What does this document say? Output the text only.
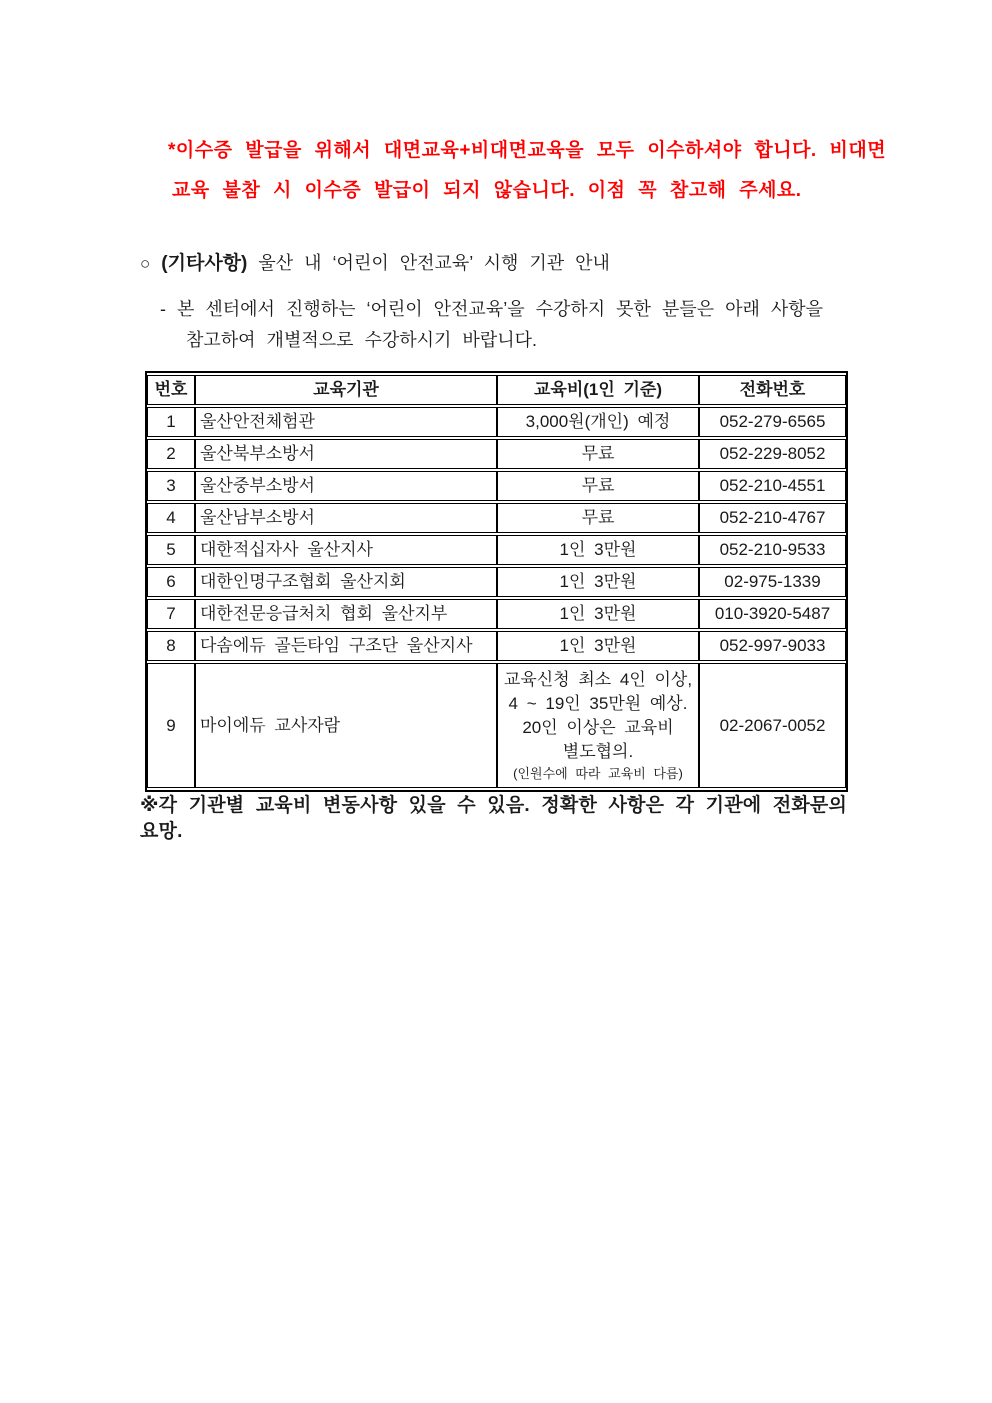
*이수증 발급을 위해서 대면교육+비대면교육을 모두 이수하셔야 합니다. 비대면
교육 불참 시 이수증 발급이 되지 않습니다. 이점 꼭 참고해 주세요.
○ (기타사항) 울산 내 ‘어린이 안전교육’ 시행 기관 안내
- 본 센터에서 진행하는 ‘어린이 안전교육’을 수강하지 못한 분들은 아래 사항을
참고하여 개별적으로 수강하시기 바랍니다.
번호	교육기관	교육비(1인 기준)	전화번호
1	울산안전체험관	3,000원(개인) 예정	052-279-6565
2	울산북부소방서	무료	052-229-8052
3	울산중부소방서	무료	052-210-4551
4	울산남부소방서	무료	052-210-4767
5	대한적십자사 울산지사	1인 3만원	052-210-9533
6	대한인명구조협회 울산지회	1인 3만원	02-975-1339
7	대한전문응급처치 협회 울산지부	1인 3만원	010-3920-5487
8	다솜에듀 골든타임 구조단 울산지사	1인 3만원	052-997-9033
9	마이에듀 교사자람	교육신청 최소 4인 이상,
4 ~ 19인 35만원 예상.
20인 이상은 교육비
별도협의.
(인원수에 따라 교육비 다름)	02-2067-0052
※각 기관별 교육비 변동사항 있을 수 있음. 정확한 사항은 각 기관에 전화문의 요망.
